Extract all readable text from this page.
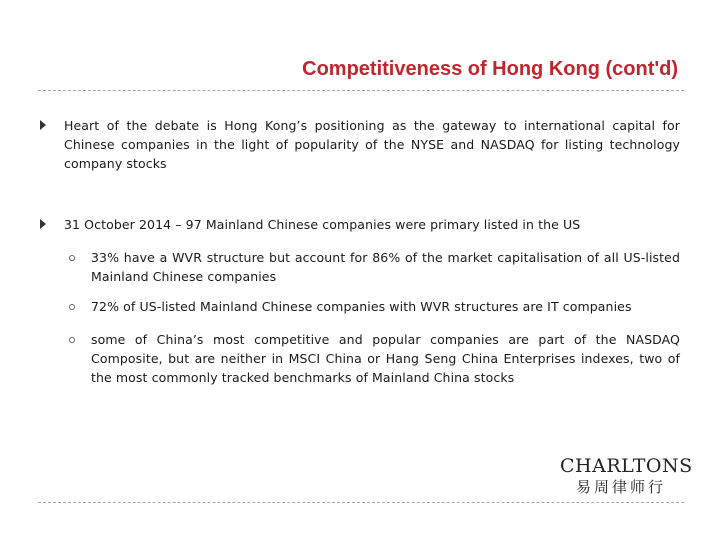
Competitiveness of Hong Kong (cont'd)
Heart of the debate is Hong Kong’s positioning as the gateway to international capital for Chinese companies in the light of popularity of the NYSE and NASDAQ for listing technology company stocks
31 October 2014 – 97 Mainland Chinese companies were primary listed in the US
33% have a WVR structure but account for 86% of the market capitalisation of all US-listed Mainland Chinese companies
72% of US-listed Mainland Chinese companies with WVR structures are IT companies
some of China’s most competitive and popular companies are part of the NASDAQ Composite, but are neither in MSCI China or Hang Seng China Enterprises indexes, two of the most commonly tracked benchmarks of Mainland China stocks
CHARLTONS
易周律师行
